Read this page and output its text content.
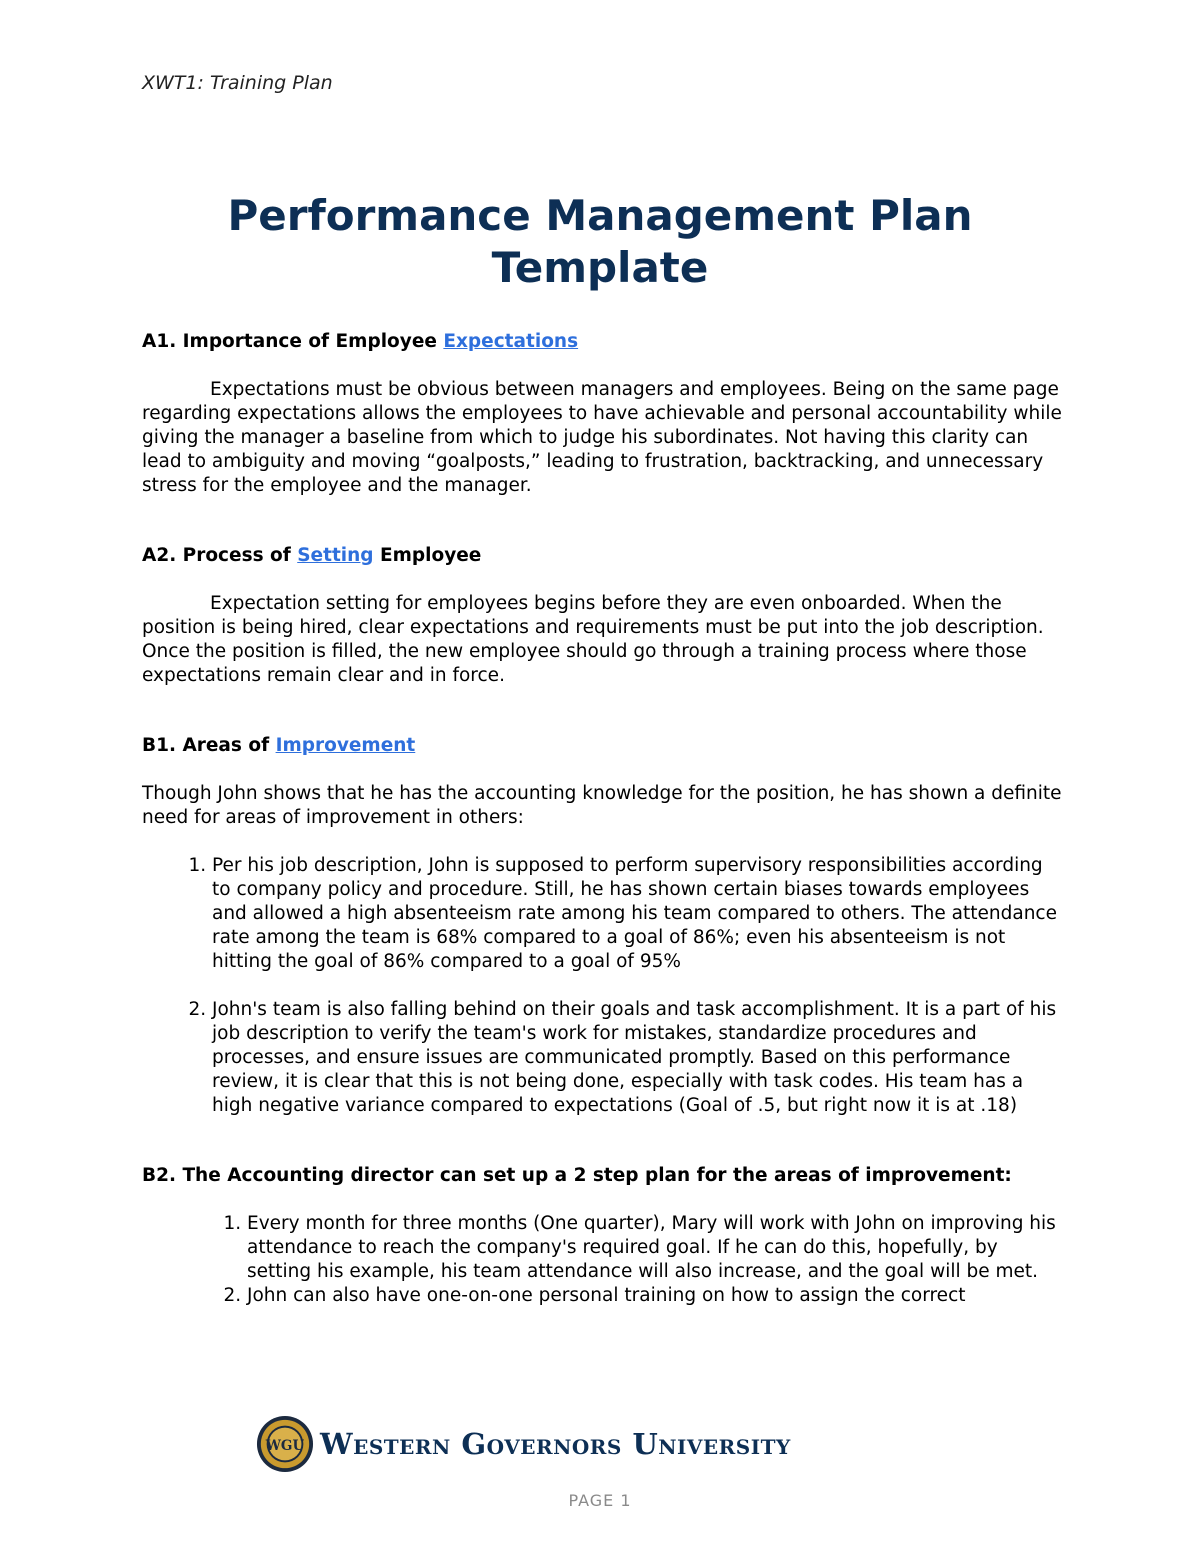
XWT1: Training Plan
Performance Management Plan
Template

A1. Importance of Employee Expectations

Expectations must be obvious between managers and employees. Being on the same page regarding expectations allows the employees to have achievable and personal accountability while giving the manager a baseline from which to judge his subordinates. Not having this clarity can lead to ambiguity and moving “goalposts,” leading to frustration, backtracking, and unnecessary stress for the employee and the manager.

A2. Process of Setting Employee

Expectation setting for employees begins before they are even onboarded. When the position is being hired, clear expectations and requirements must be put into the job description. Once the position is filled, the new employee should go through a training process where those expectations remain clear and in force.

B1. Areas of Improvement

Though John shows that he has the accounting knowledge for the position, he has shown a definite need for areas of improvement in others:

1. Per his job description, John is supposed to perform supervisory responsibilities according to company policy and procedure. Still, he has shown certain biases towards employees and allowed a high absenteeism rate among his team compared to others. The attendance rate among the team is 68% compared to a goal of 86%; even his absenteeism is not hitting the goal of 86% compared to a goal of 95%
2. John's team is also falling behind on their goals and task accomplishment. It is a part of his job description to verify the team's work for mistakes, standardize procedures and processes, and ensure issues are communicated promptly. Based on this performance review, it is clear that this is not being done, especially with task codes. His team has a high negative variance compared to expectations (Goal of .5, but right now it is at .18)

B2. The Accounting director can set up a 2 step plan for the areas of improvement:

1. Every month for three months (One quarter), Mary will work with John on improving his attendance to reach the company's required goal. If he can do this, hopefully, by setting his example, his team attendance will also increase, and the goal will be met.
2. John can also have one-on-one personal training on how to assign the correct
WGU Western Governors University
PAGE 1
